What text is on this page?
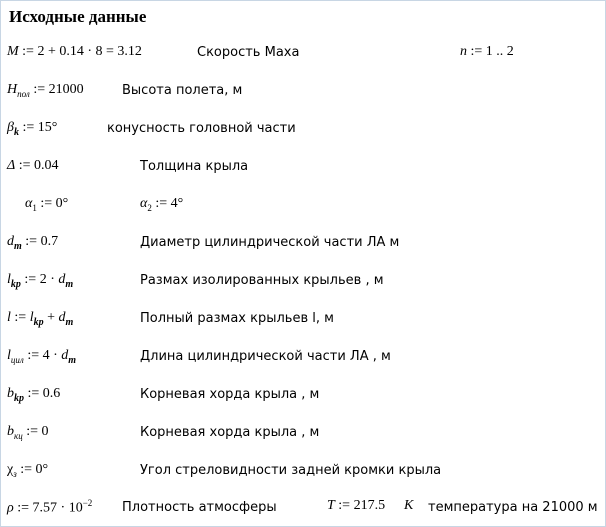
Исходные данные
M := 2 + 0.14 · 8 = 3.12	Скорость Маха	n := 1 .. 2
$H_{пол}$ := 21000	Высота полета, м
$\beta_k$ := 15°	конусность головной части
Δ := 0.04	Толщина крыла
$\alpha_1$ := 0°	$\alpha_2$ := 4°
$d_m$ := 0.7	Диаметр цилиндрической части ЛА м
$l_{kp}$ := $2 \cdot d_m$	Размах изолированных крыльев , м
l := $l_{kp} + d_m$	Полный размах крыльев l, м
$l_{цил}$ := $4 \cdot d_m$	Длина цилиндрической части ЛА , м
$b_{kp}$ := 0.6	Корневая хорда крыла , м
$b_{кц}$ := 0	Корневая хорда крыла , м
$\chi_з$ := 0°	Угол стреловидности задней кромки крыла
ρ := $7.57 \cdot 10^{-2}$ Плотность атмосферы	T := 217.5 K температура на 21000 м
